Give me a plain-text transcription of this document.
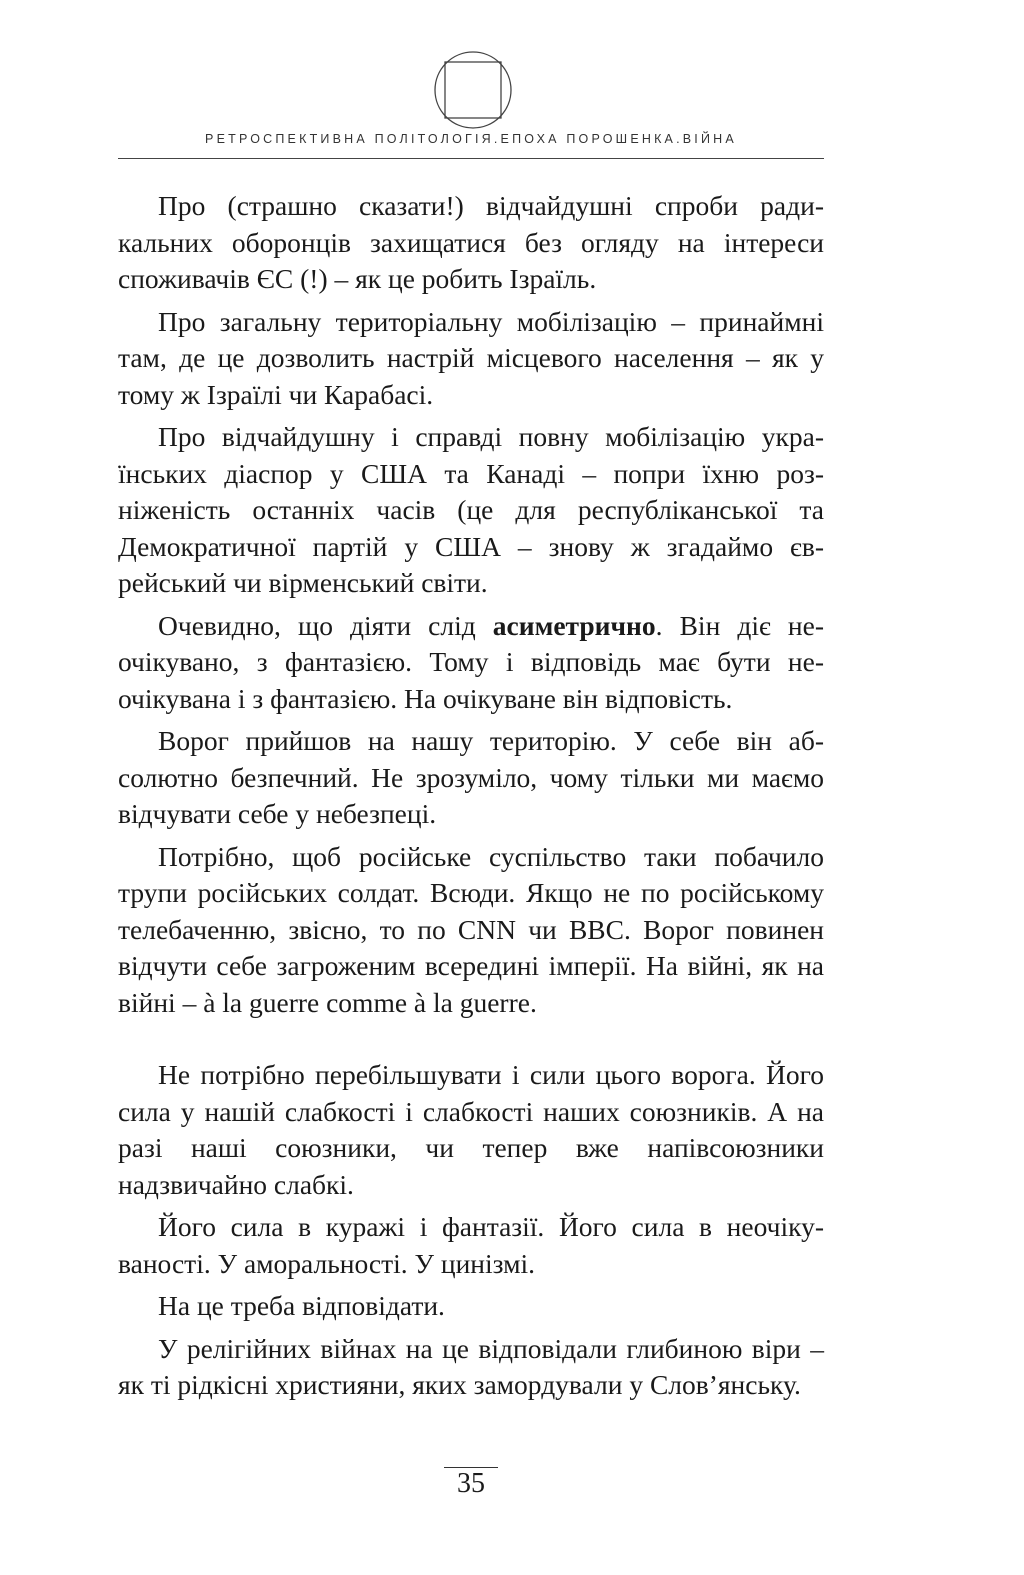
РЕТРОСПЕКТИВНА ПОЛІТОЛОГІЯ.ЕПОХА ПОРОШЕНКА.ВІЙНА

Про (страшно сказати!) відчайдушні спроби радикальних оборонців захищатися без огляду на інтереси споживачів ЄС (!) – як це робить Ізраїль.

Про загальну територіальну мобілізацію – принаймні там, де це дозволить настрій місцевого населення – як у тому ж Ізраїлі чи Карабасі.

Про відчайдушну і справді повну мобілізацію українських діаспор у США та Канаді – попри їхню розніженість останніх часів (це для республіканської та Демократичної партій у США – знову ж згадаймо єврейський чи вірменський світи.

Очевидно, що діяти слід асиметрично. Він діє неочікувано, з фантазією. Тому і відповідь має бути неочікувана і з фантазією. На очікуване він відповість.

Ворог прийшов на нашу територію. У себе він абсолютно безпечний. Не зрозуміло, чому тільки ми маємо відчувати себе у небезпеці.

Потрібно, щоб російське суспільство таки побачило трупи російських солдат. Всюди. Якщо не по російському телебаченню, звісно, то по CNN чи BBC. Ворог повинен відчути себе загроженим всередині імперії. На війні, як на війні – à la guerre comme à la guerre.

Не потрібно перебільшувати і сили цього ворога. Його сила у нашій слабкості і слабкості наших союзників. А на разі наші союзники, чи тепер вже напівсоюзники надзвичайно слабкі.

Його сила в куражі і фантазії. Його сила в неочікуваності. У аморальності. У цинізмі.

На це треба відповідати.

У релігійних війнах на це відповідали глибиною віри – як ті рідкісні християни, яких замордували у Слов’янську.

35
